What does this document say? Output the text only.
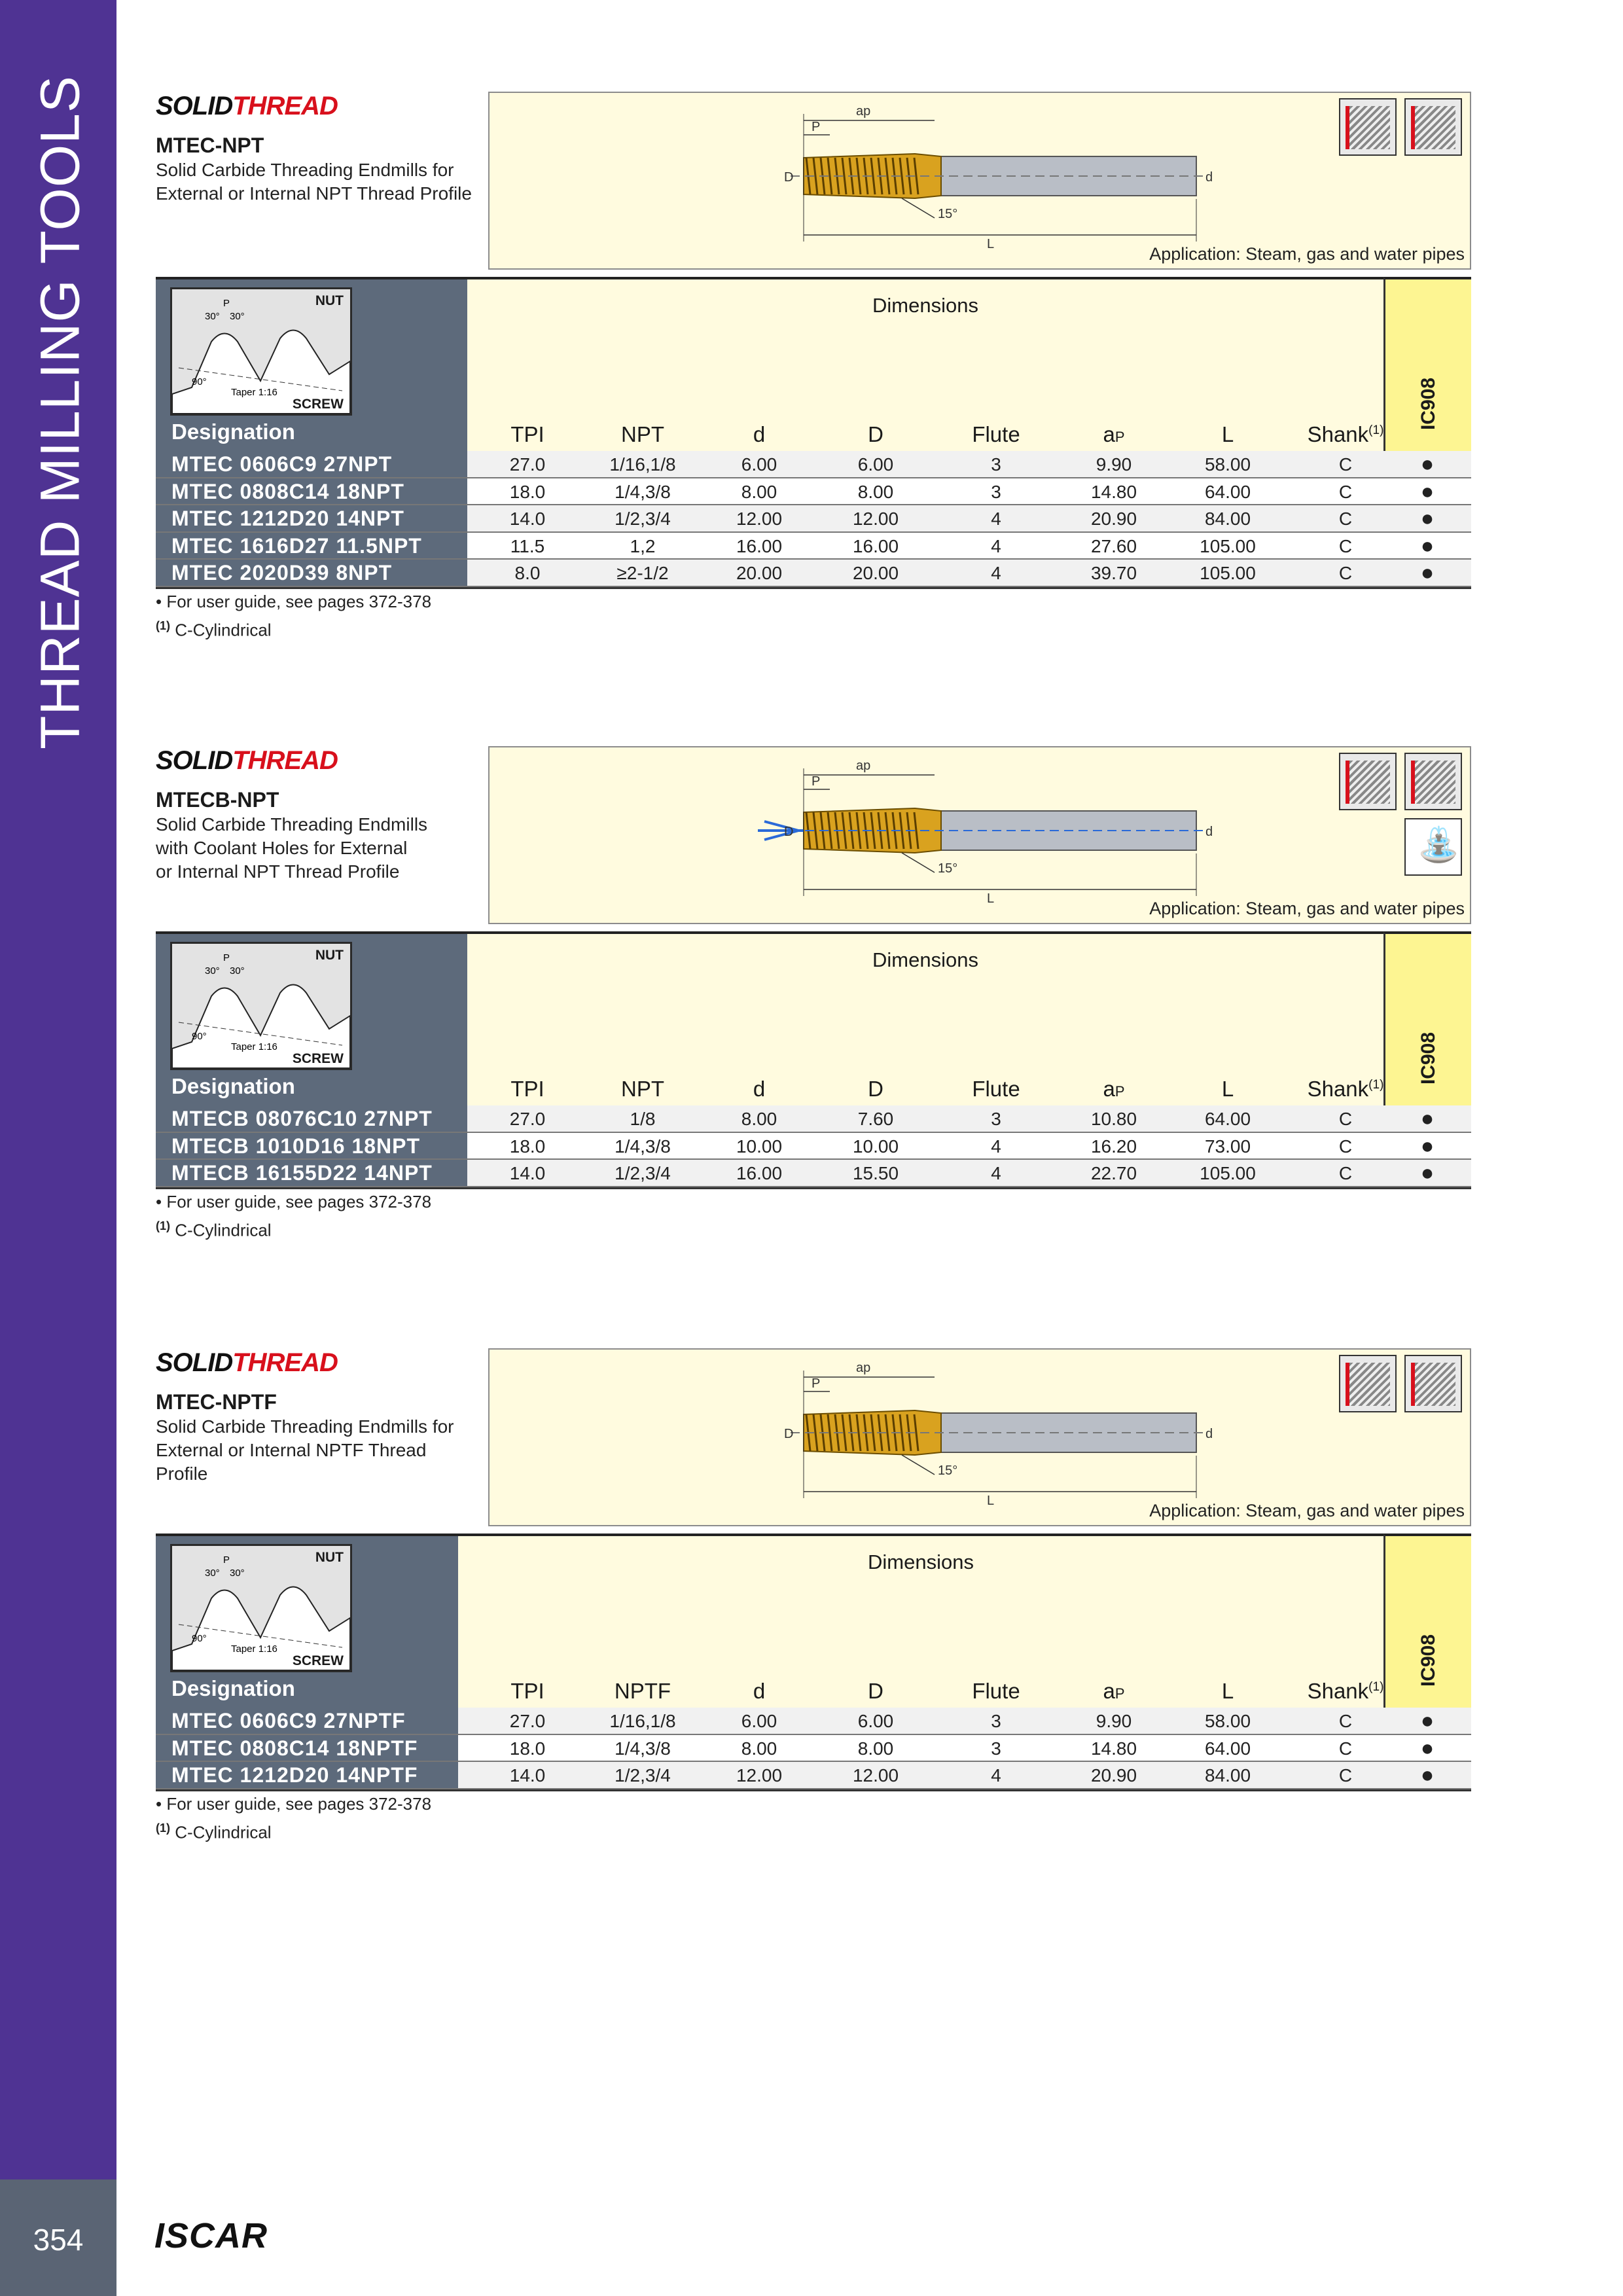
THREAD MILLING TOOLS
354	ISCAR
SOLIDTHREAD
MTEC-NPT
Solid Carbide Threading Endmills for
External or Internal NPT Thread Profile
ap
P
D	d
15°
L	Application: Steam, gas and water pipes
P
30° 30°
90°
Taper 1:16
NUT
SCREW
Designation
Dimensions
TPI	NPT	d	D	Flute	aP	L	Shank$^{(1)}$
IC908
MTEC 0606C9 27NPT	27.0	1/16,1/8	6.00	6.00	3	9.90	58.00	C	●
MTEC 0808C14 18NPT	18.0	1/4,3/8	8.00	8.00	3	14.80	64.00	C	●
MTEC 1212D20 14NPT	14.0	1/2,3/4	12.00	12.00	4	20.90	84.00	C	●
MTEC 1616D27 11.5NPT	11.5	1,2	16.00	16.00	4	27.60	105.00	C	●
MTEC 2020D39 8NPT	8.0	≥2-1/2	20.00	20.00	4	39.70	105.00	C	●
• For user guide, see pages 372-378
$^{(1)}$ C-Cylindrical
SOLIDTHREAD
MTECB-NPT
Solid Carbide Threading Endmills
with Coolant Holes for External
or Internal NPT Thread Profile
ap
P
D	d
15°
L
⛲
Application: Steam, gas and water pipes
P
30° 30°
90°
Taper 1:16
NUT
SCREW
Designation
Dimensions
TPI	NPT	d	D	Flute	aP	L	Shank$^{(1)}$
IC908
MTECB 08076C10 27NPT	27.0	1/8	8.00	7.60	3	10.80	64.00	C	●
MTECB 1010D16 18NPT	18.0	1/4,3/8	10.00	10.00	4	16.20	73.00	C	●
MTECB 16155D22 14NPT	14.0	1/2,3/4	16.00	15.50	4	22.70	105.00	C	●
• For user guide, see pages 372-378
$^{(1)}$ C-Cylindrical
SOLIDTHREAD
MTEC-NPTF
Solid Carbide Threading Endmills for
External or Internal NPTF Thread Profile
ap
P
D	d
15°
L	Application: Steam, gas and water pipes
P
30° 30°
90°
Taper 1:16
NUT
SCREW
Designation
Dimensions
TPI	NPTF	d	D	Flute	aP	L	Shank$^{(1)}$
IC908
MTEC 0606C9 27NPTF	27.0	1/16,1/8	6.00	6.00	3	9.90	58.00	C	●
MTEC 0808C14 18NPTF	18.0	1/4,3/8	8.00	8.00	3	14.80	64.00	C	●
MTEC 1212D20 14NPTF	14.0	1/2,3/4	12.00	12.00	4	20.90	84.00	C	●
• For user guide, see pages 372-378
$^{(1)}$ C-Cylindrical
